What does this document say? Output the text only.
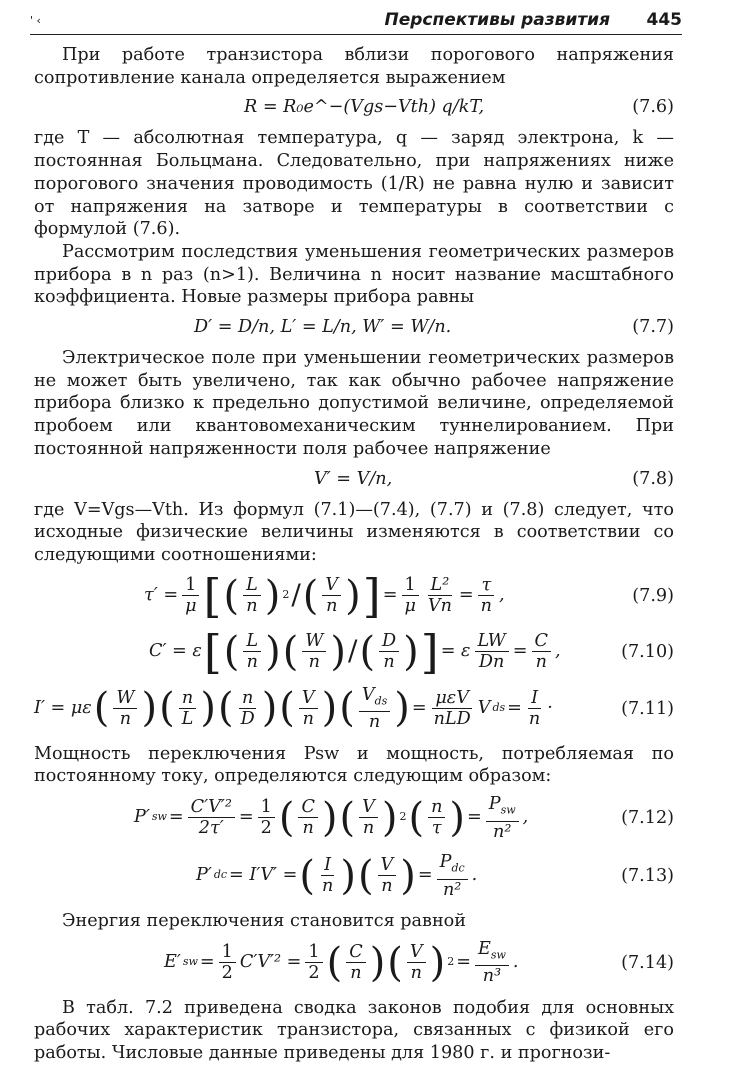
' ‹	Перспективы развития 445

При работе транзистора вблизи порогового напряжения сопротивление канала определяется выражением

R = R₀e^−(Vgs−Vth) q/kT,	(7.6)

где T — абсолютная температура, q — заряд электрона, k — постоянная Больцмана. Следовательно, при напряжениях ниже порогового значения проводимость (1/R) не равна нулю и зависит от напряжения на затворе и температуры в соответствии с формулой (7.6).

Рассмотрим последствия уменьшения геометрических размеров прибора в n раз (n>1). Величина n носит название масштабного коэффициента. Новые размеры прибора равны

D′ = D/n, L′ = L/n, W′ = W/n.	(7.7)

Электрическое поле при уменьшении геометрических размеров не может быть увеличено, так как обычно рабочее напряжение прибора близко к предельно допустимой величине, определяемой пробоем или квантовомеханическим туннелированием. При постоянной напряженности поля рабочее напряжение

V′ = V/n,	(7.8)

где V=Vgs—Vth. Из формул (7.1)—(7.4), (7.7) и (7.8) следует, что исходные физические величины изменяются в соответствии со следующими соотношениями:

$\tau' = \frac{1}{\mu}$ [ ( $\frac{L}{n}$ ) 2 / ( $\frac{V}{n}$ ) ] = $\frac{1}{\mu} \frac{\text{L²}}{Vn} = \frac{\tau}{n}$ ,	(7.9)
C′ = ε [ ( $\frac{L}{n}$ ) ( $\frac{W}{n}$ ) / ( $\frac{D}{n}$ ) ] = ε $\frac{LW}{Dn} = \frac{C}{n}$ ,	(7.10)
I′ = με ( $\frac{W}{n}$ ) ( $\frac{n}{L}$ ) ( $\frac{n}{D}$ ) ( $\frac{V}{n}$ ) ( $\frac{V_{ds}}{n}$ ) = $\frac{\text{μεV}}{\text{nLD}}$ V ds = $\frac{I}{n}$ ·	(7.11)

Мощность переключения Psw и мощность, потребляемая по постоянному току, определяются следующим образом:

P′ sw = $\frac{\text{C′V′²}}{2\tau'} = \frac{1}{2}$ ( $\frac{C}{n}$ ) ( $\frac{V}{n}$ ) 2 ( $\frac{n}{\tau}$ ) = $\frac{P_{sw}}{\text{n²}}$ ,	(7.12)
P′ dc = I′V′ = ( $\frac{I}{n}$ ) ( $\frac{V}{n}$ ) = $\frac{P_{dc}}{\text{n²}}$ .	(7.13)

Энергия переключения становится равной

E′ sw = $\frac{1}{2} C'V'^2 = \frac{1}{2}$ ( $\frac{C}{n}$ ) ( $\frac{V}{n}$ ) $2 = \frac{E_{sw}}{\text{n³}}$ .	(7.14)

В табл. 7.2 приведена сводка законов подобия для основных рабочих характеристик транзистора, связанных с физикой его работы. Числовые данные приведены для 1980 г. и прогнози-
